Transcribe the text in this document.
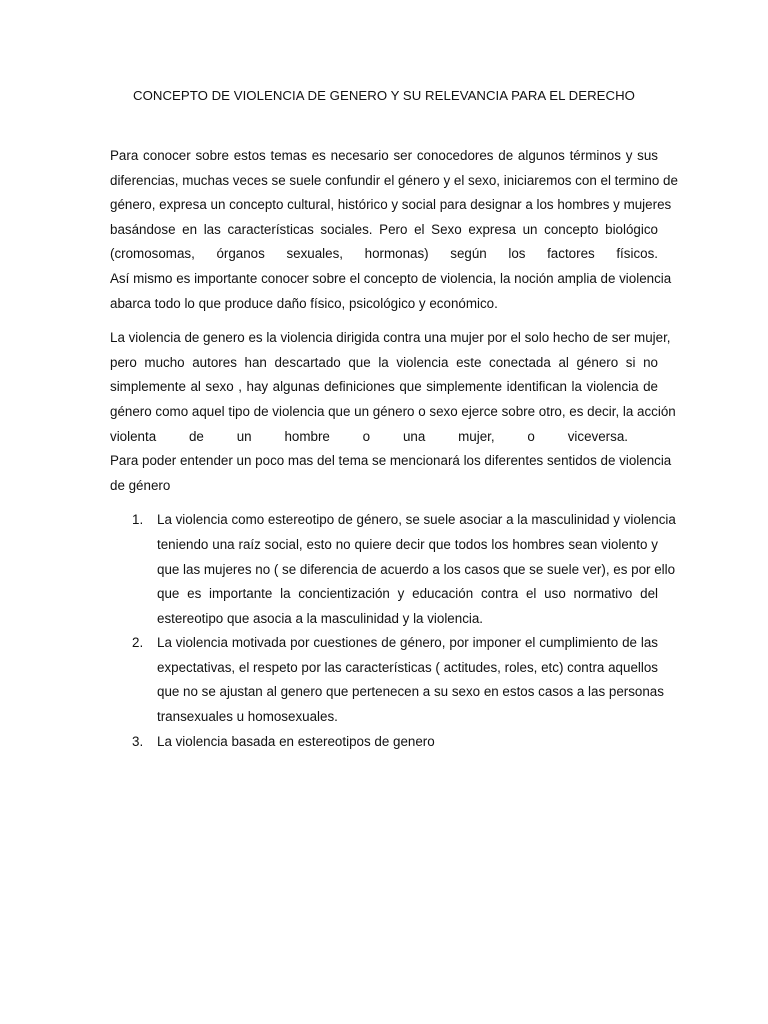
CONCEPTO DE VIOLENCIA DE GENERO Y SU RELEVANCIA PARA EL DERECHO
Para conocer sobre estos temas es necesario ser conocedores de algunos términos y sus
diferencias, muchas veces se suele confundir el género y el sexo, iniciaremos con el termino de
género, expresa un concepto cultural, histórico y social para designar a los hombres y mujeres
basándose en las características sociales. Pero el Sexo expresa un concepto biológico
(cromosomas, órganos sexuales, hormonas) según los factores físicos.
Así mismo es importante conocer sobre el concepto de violencia, la noción amplia de violencia
abarca todo lo que produce daño físico, psicológico y económico.
La violencia de genero es la violencia dirigida contra una mujer por el solo hecho de ser mujer,
pero mucho autores han descartado que la violencia este conectada al género si no
simplemente al sexo , hay algunas definiciones que simplemente identifican la violencia de
género como aquel tipo de violencia que un género o sexo ejerce sobre otro, es decir, la acción
violenta de un hombre o una mujer, o viceversa.
Para poder entender un poco mas del tema se mencionará los diferentes sentidos de violencia
de género
1. La violencia como estereotipo de género, se suele asociar a la masculinidad y violencia
teniendo una raíz social, esto no quiere decir que todos los hombres sean violento y
que las mujeres no ( se diferencia de acuerdo a los casos que se suele ver), es por ello
que es importante la concientización y educación contra el uso normativo del
estereotipo que asocia a la masculinidad y la violencia.
2. La violencia motivada por cuestiones de género, por imponer el cumplimiento de las
expectativas, el respeto por las características ( actitudes, roles, etc) contra aquellos
que no se ajustan al genero que pertenecen a su sexo en estos casos a las personas
transexuales u homosexuales.
3. La violencia basada en estereotipos de genero
